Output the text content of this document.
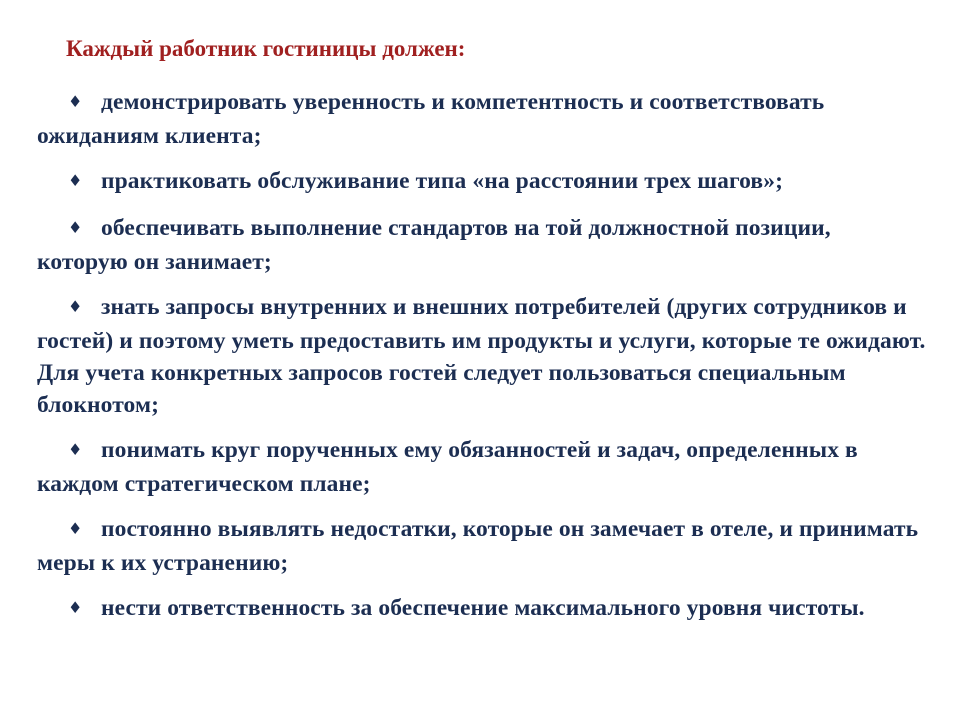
Каждый работник гостиницы должен:
♦ демонстрировать уверенность и компетентность и соответствовать ожиданиям клиента;
♦ практиковать обслуживание типа «на расстоянии трех шагов»;
♦ обеспечивать выполнение стандартов на той должностной позиции, которую он занимает;
♦ знать запросы внутренних и внешних потребителей (других сотрудников и гостей) и поэтому уметь предоставить им продукты и услуги, которые те ожидают. Для учета конкретных запросов гостей следует пользоваться специальным блокнотом;
♦ понимать круг порученных ему обязанностей и задач, определенных в каждом стратегическом плане;
♦ постоянно выявлять недостатки, которые он замечает в отеле, и принимать меры к их устранению;
♦ нести ответственность за обеспечение максимального уровня чистоты.
